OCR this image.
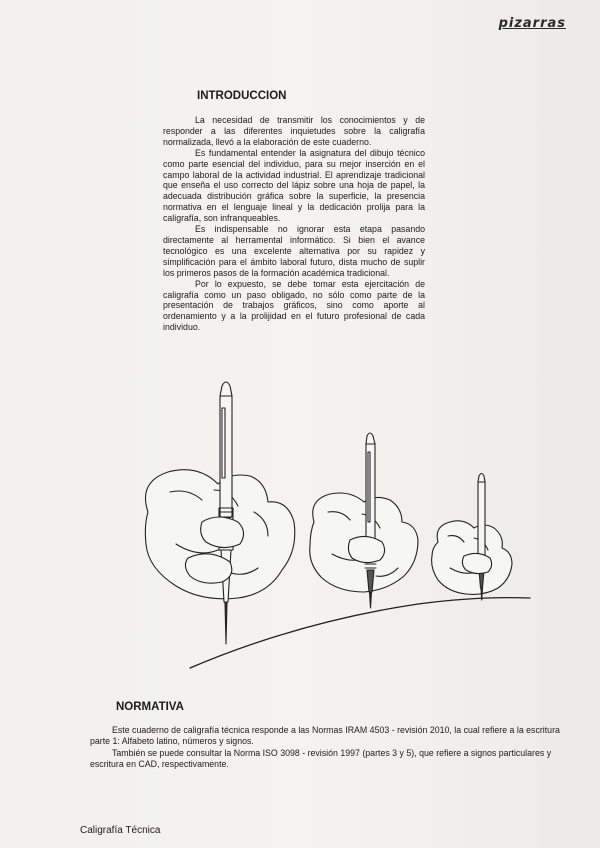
pizarras
INTRODUCCION

La necesidad de transmitir los conocimientos y de responder a las diferentes inquietudes sobre la caligrafía normalizada, llevó a la elaboración de este cuaderno.

Es fundamental entender la asignatura del dibujo técnico como parte esencial del individuo, para su mejor inserción en el campo laboral de la actividad industrial. El aprendizaje tradicional que enseña el uso correcto del lápiz sobre una hoja de papel, la adecuada distribución gráfica sobre la superficie, la presencia normativa en el lenguaje lineal y la dedicación prolija para la caligrafía, son infranqueables.

Es indispensable no ignorar esta etapa pasando directamente al herramental informático. Si bien el avance tecnológico es una excelente alternativa por su rapidez y simplificación para el ámbito laboral futuro, dista mucho de suplir los primeros pasos de la formación académica tradicional.

Por lo expuesto, se debe tomar esta ejercitación de caligrafía como un paso obligado, no sólo como parte de la presentación de trabajos gráficos, sino como aporte al ordenamiento y a la prolijidad en el futuro profesional de cada individuo.

NORMATIVA

Este cuaderno de caligrafía técnica responde a las Normas IRAM 4503 - revisión 2010, la cual refiere a la escritura parte 1: Alfabeto latino, números y signos.

También se puede consultar la Norma ISO 3098 - revisión 1997 (partes 3 y 5), que refiere a signos particulares y escritura en CAD, respectivamente.

Caligrafía Técnica
